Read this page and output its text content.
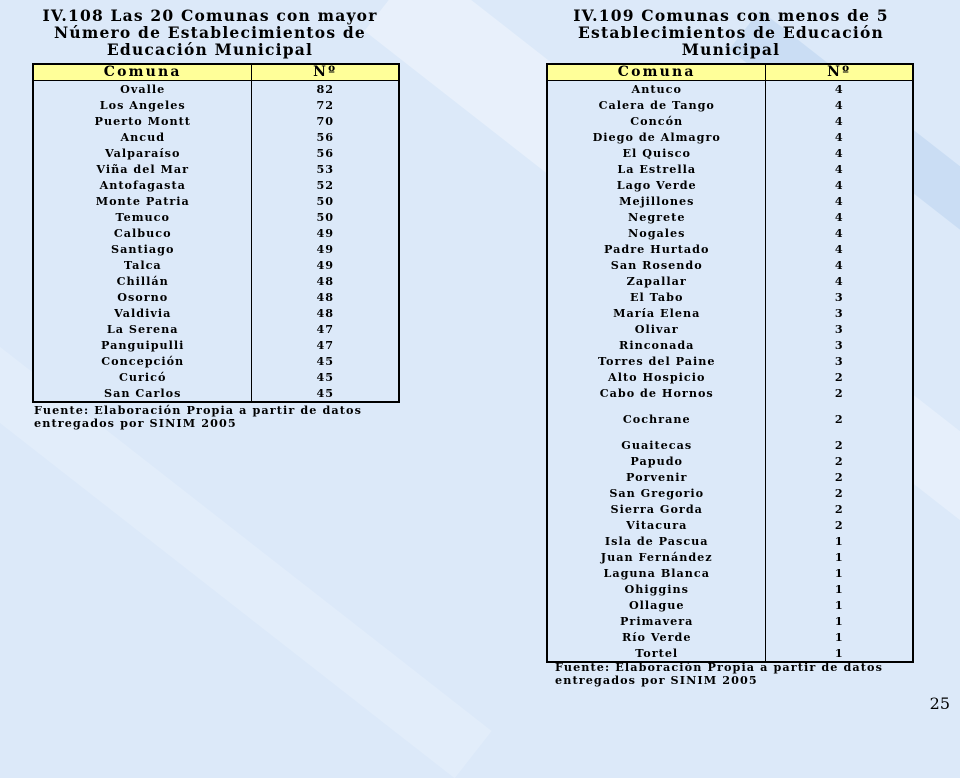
IV.108 Las 20 Comunas con mayor
Número de Establecimientos de
Educación Municipal
IV.109 Comunas con menos de 5
Establecimientos de Educación
Municipal
Comuna	Nº
Ovalle	82
Los Angeles	72
Puerto Montt	70
Ancud	56
Valparaíso	56
Viña del Mar	53
Antofagasta	52
Monte Patria	50
Temuco	50
Calbuco	49
Santiago	49
Talca	49
Chillán	48
Osorno	48
Valdivia	48
La Serena	47
Panguipulli	47
Concepción	45
Curicó	45
San Carlos	45
Comuna	Nº
Antuco	4
Calera de Tango	4
Concón	4
Diego de Almagro	4
El Quisco	4
La Estrella	4
Lago Verde	4
Mejillones	4
Negrete	4
Nogales	4
Padre Hurtado	4
San Rosendo	4
Zapallar	4
El Tabo	3
María Elena	3
Olivar	3
Rinconada	3
Torres del Paine	3
Alto Hospicio	2
Cabo de Hornos	2
Cochrane	2
Guaitecas	2
Papudo	2
Porvenir	2
San Gregorio	2
Sierra Gorda	2
Vitacura	2
Isla de Pascua	1
Juan Fernández	1
Laguna Blanca	1
Ohiggins	1
Ollague	1
Primavera	1
Río Verde	1
Tortel	1
Fuente: Elaboración Propia a partir de datos
entregados por SINIM 2005
Fuente: Elaboración Propia a partir de datos
entregados por SINIM 2005
25
